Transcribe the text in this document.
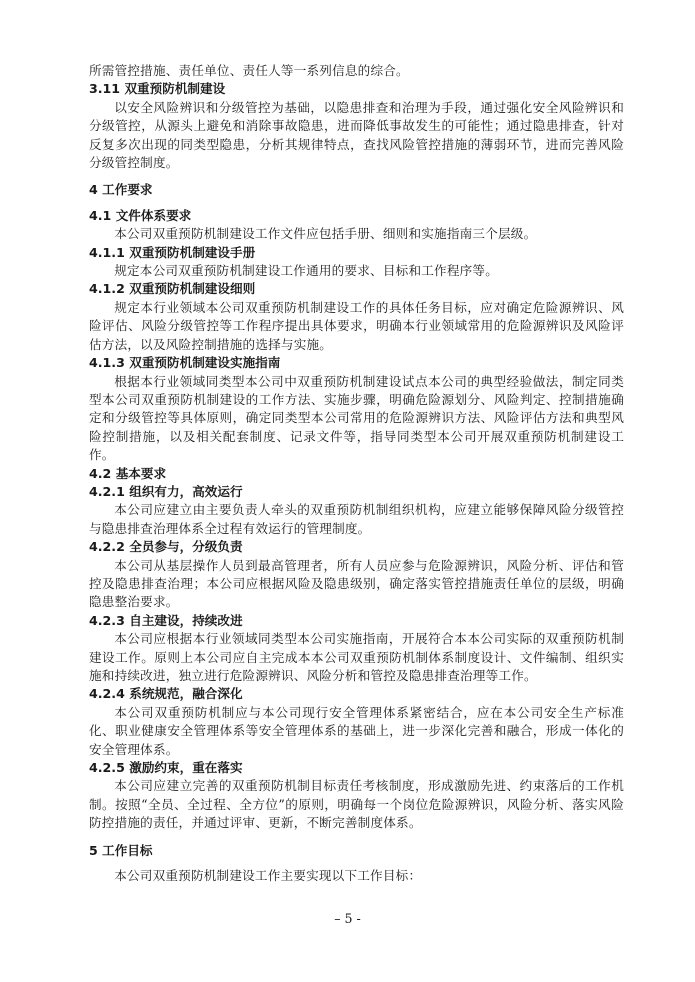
所需管控措施、责任单位、责任人等一系列信息的综合。

3.11 双重预防机制建设

以安全风险辨识和分级管控为基础，以隐患排查和治理为手段，通过强化安全风险辨识和分级管控，从源头上避免和消除事故隐患，进而降低事故发生的可能性；通过隐患排查，针对反复多次出现的同类型隐患，分析其规律特点，查找风险管控措施的薄弱环节，进而完善风险分级管控制度。

4 工作要求

4.1 文件体系要求

本公司双重预防机制建设工作文件应包括手册、细则和实施指南三个层级。

4.1.1 双重预防机制建设手册

规定本公司双重预防机制建设工作通用的要求、目标和工作程序等。

4.1.2 双重预防机制建设细则

规定本行业领域本公司双重预防机制建设工作的具体任务目标，应对确定危险源辨识、风险评估、风险分级管控等工作程序提出具体要求，明确本行业领域常用的危险源辨识及风险评估方法，以及风险控制措施的选择与实施。

4.1.3 双重预防机制建设实施指南

根据本行业领域同类型本公司中双重预防机制建设试点本公司的典型经验做法，制定同类型本公司双重预防机制建设的工作方法、实施步骤，明确危险源划分、风险判定、控制措施确定和分级管控等具体原则，确定同类型本公司常用的危险源辨识方法、风险评估方法和典型风险控制措施，以及相关配套制度、记录文件等，指导同类型本公司开展双重预防机制建设工作。

4.2 基本要求

4.2.1 组织有力，高效运行

本公司应建立由主要负责人牵头的双重预防机制组织机构，应建立能够保障风险分级管控与隐患排查治理体系全过程有效运行的管理制度。

4.2.2 全员参与，分级负责

本公司从基层操作人员到最高管理者，所有人员应参与危险源辨识，风险分析、评估和管控及隐患排查治理；本公司应根据风险及隐患级别，确定落实管控措施责任单位的层级，明确隐患整治要求。

4.2.3 自主建设，持续改进

本公司应根据本行业领域同类型本公司实施指南，开展符合本本公司实际的双重预防机制建设工作。原则上本公司应自主完成本本公司双重预防机制体系制度设计、文件编制、组织实施和持续改进，独立进行危险源辨识、风险分析和管控及隐患排查治理等工作。

4.2.4 系统规范，融合深化

本公司双重预防机制应与本公司现行安全管理体系紧密结合，应在本公司安全生产标准化、职业健康安全管理体系等安全管理体系的基础上，进一步深化完善和融合，形成一体化的安全管理体系。

4.2.5 激励约束，重在落实

本公司应建立完善的双重预防机制目标责任考核制度，形成激励先进、约束落后的工作机制。按照“全员、全过程、全方位”的原则，明确每一个岗位危险源辨识，风险分析、落实风险防控措施的责任，并通过评审、更新，不断完善制度体系。

5 工作目标

本公司双重预防机制建设工作主要实现以下工作目标：

– 5 -
